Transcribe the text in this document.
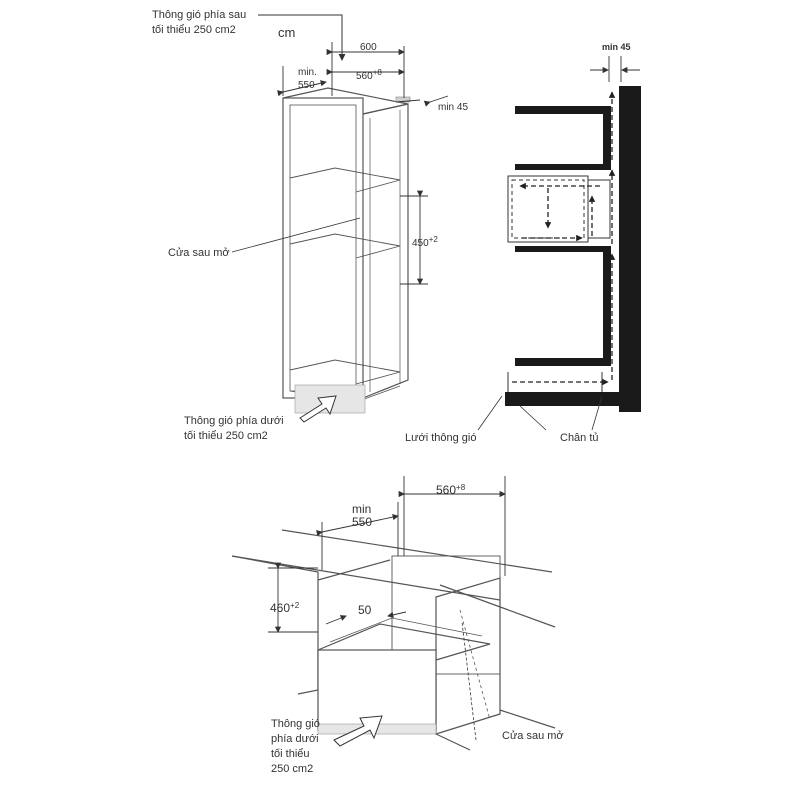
Thông gió phía sau
tối thiểu 250 cm2	cm
600
$560^{+8}$
min.
550
min 45
$450^{+2}$
Cửa sau mở
Thông gió phía dưới
tối thiểu 250 cm2
min 45
Lưới thông gió	Chân tủ
$560^{+8}$
min
550
$460^{+2}$	50
Cửa sau mở
Thông gió
phía dưới
tối thiểu
250 cm2
